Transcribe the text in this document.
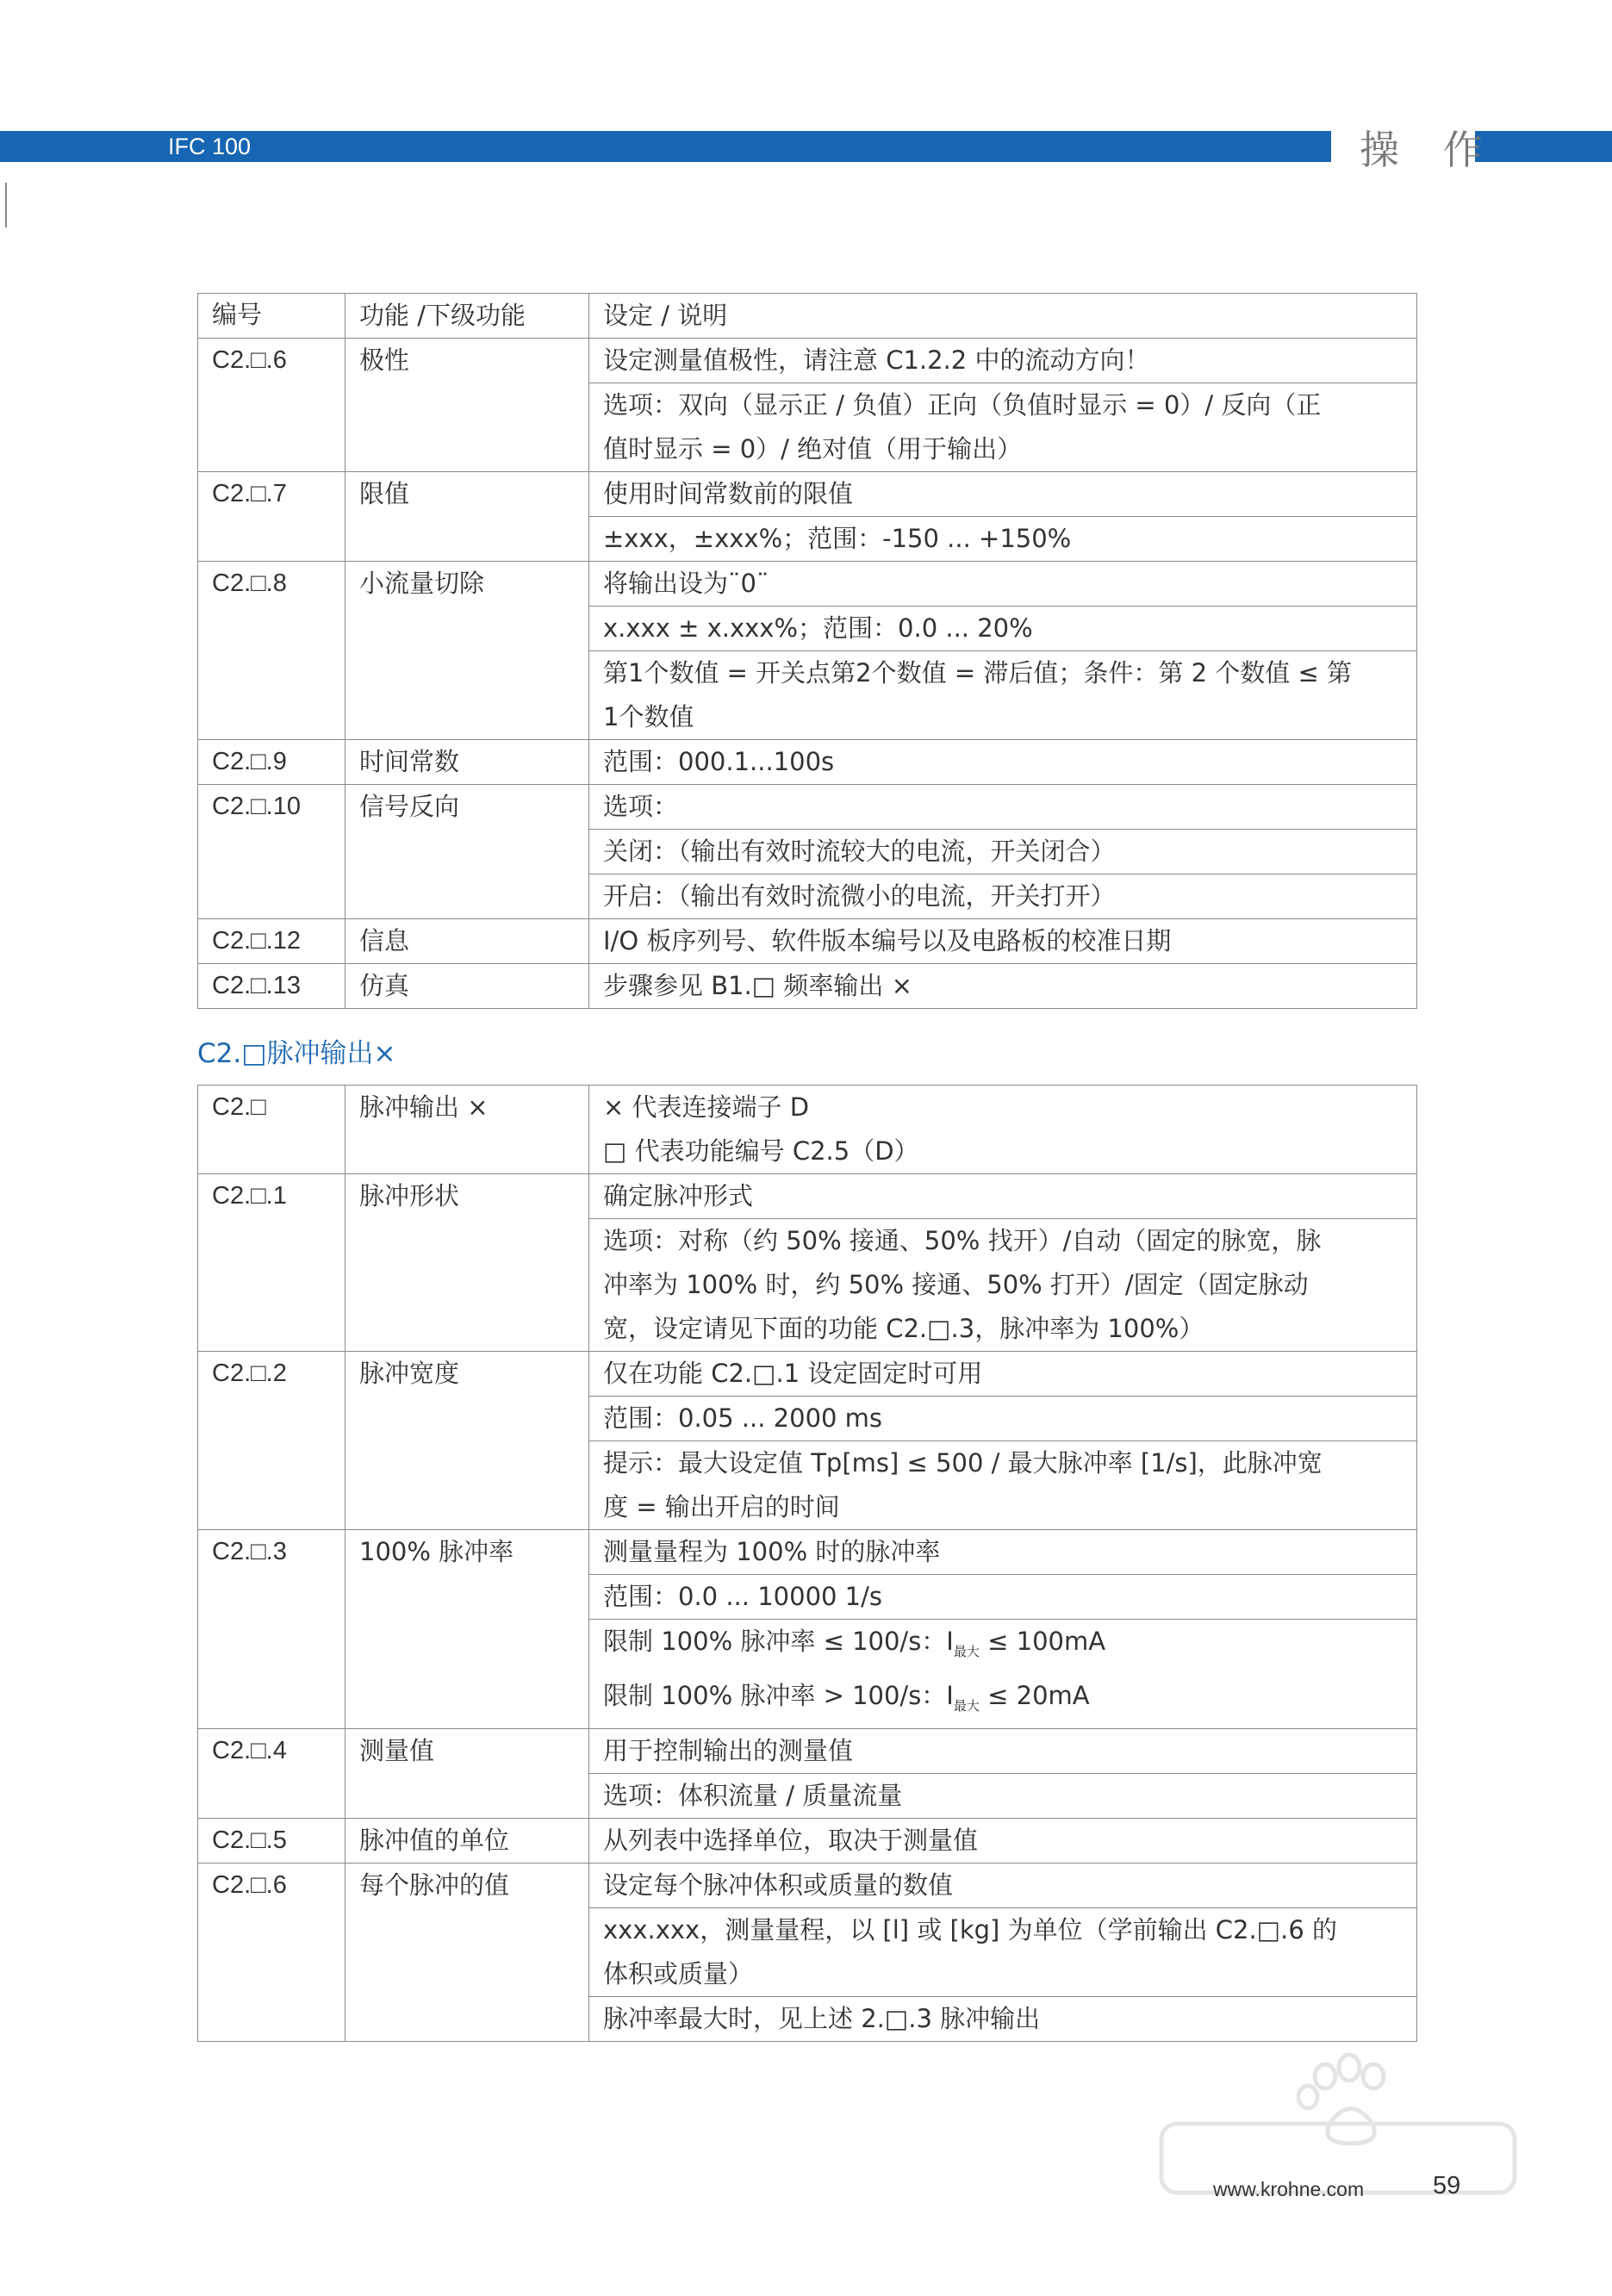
IFC 100	操 作
编号	功能 /下级功能	设定 / 说明
C2.□.6	极性	设定测量值极性，请注意 C1.2.2 中的流动方向！

		选项：双向（显示正 / 负值）正向（负值时显示 = 0）/ 反向（正
值时显示 = 0）/ 绝对值（用于输出）

C2.□.7	限值	使用时间常数前的限值
		±xxx，±xxx%；范围：-150 ... +150%
C2.□.8	小流量切除	将输出设为¨0¨
		x.xxx ± x.xxx%；范围：0.0 ... 20%

		第1个数值 = 开关点第2个数值 = 滞后值；条件：第 2 个数值 ≤ 第
1个数值

C2.□.9	时间常数	范围：000.1...100s
C2.□.10	信号反向	选项：
		关闭：（输出有效时流较大的电流，开关闭合）
		开启：（输出有效时流微小的电流，开关打开）
C2.□.12	信息	I/O 板序列号、软件版本编号以及电路板的校准日期
C2.□.13	仿真	步骤参见 B1.□ 频率输出 ×
C2.□脉冲输出×
C2.□	脉冲输出 ×	× 代表连接端子 D
□ 代表功能编号 C2.5（D）

C2.□.1	脉冲形状	确定脉冲形式

		选项：对称（约 50% 接通、50% 找开）/自动（固定的脉宽，脉
冲率为 100% 时，约 50% 接通、50% 打开）/固定（固定脉动
宽，设定请见下面的功能 C2.□.3，脉冲率为 100%）

C2.□.2	脉冲宽度	仅在功能 C2.□.1 设定固定时可用
		范围：0.05 ... 2000 ms

		提示：最大设定值 Tp[ms] ≤ 500 / 最大脉冲率 [1/s]，此脉冲宽
度 = 输出开启的时间

C2.□.3	100% 脉冲率	测量量程为 100% 时的脉冲率
		范围：0.0 ... 10000 1/s

		限制 100% 脉冲率 ≤ 100/s：$I_{最大} \le 100mA$
限制 100% 脉冲率 > 100/s：$I_{最大} \le 20mA$

C2.□.4	测量值	用于控制输出的测量值
		选项：体积流量 / 质量流量
C2.□.5	脉冲值的单位	从列表中选择单位，取决于测量值
C2.□.6	每个脉冲的值	设定每个脉冲体积或质量的数值

		xxx.xxx，测量量程，以 [l] 或 [kg] 为单位（学前输出 C2.□.6 的
体积或质量）

		脉冲率最大时，见上述 2.□.3 脉冲输出
www.krohne.com	59
